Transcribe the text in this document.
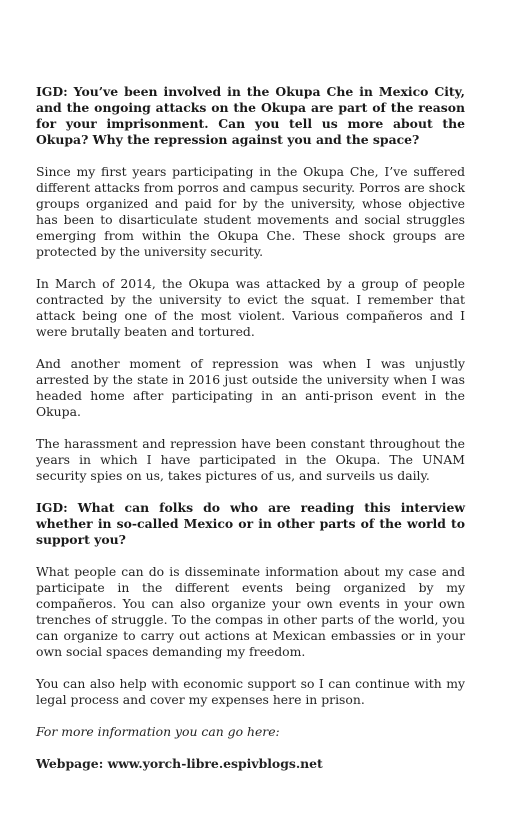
IGD: You’ve been involved in the Okupa Che in Mexico City, and the ongoing attacks on the Okupa are part of the reason for your imprisonment. Can you tell us more about the Okupa? Why the repression against you and the space?

Since my first years participating in the Okupa Che, I’ve suffered different attacks from porros and campus security. Porros are shock groups organized and paid for by the university, whose objective has been to disarticulate student movements and social struggles emerging from within the Okupa Che. These shock groups are protected by the university security.

In March of 2014, the Okupa was attacked by a group of people contracted by the university to evict the squat. I remember that attack being one of the most violent. Various compañeros and I were brutally beaten and tortured.

And another moment of repression was when I was unjustly arrested by the state in 2016 just outside the university when I was headed home after participating in an anti-prison event in the Okupa.

The harassment and repression have been constant throughout the years in which I have participated in the Okupa. The UNAM security spies on us, takes pictures of us, and surveils us daily.

IGD: What can folks do who are reading this interview whether in so-called Mexico or in other parts of the world to support you?

What people can do is disseminate information about my case and participate in the different events being organized by my compañeros. You can also organize your own events in your own trenches of struggle. To the compas in other parts of the world, you can organize to carry out actions at Mexican embassies or in your own social spaces demanding my freedom.

You can also help with economic support so I can continue with my legal process and cover my expenses here in prison.

For more information you can go here:

Webpage: www.yorch-libre.espivblogs.net
